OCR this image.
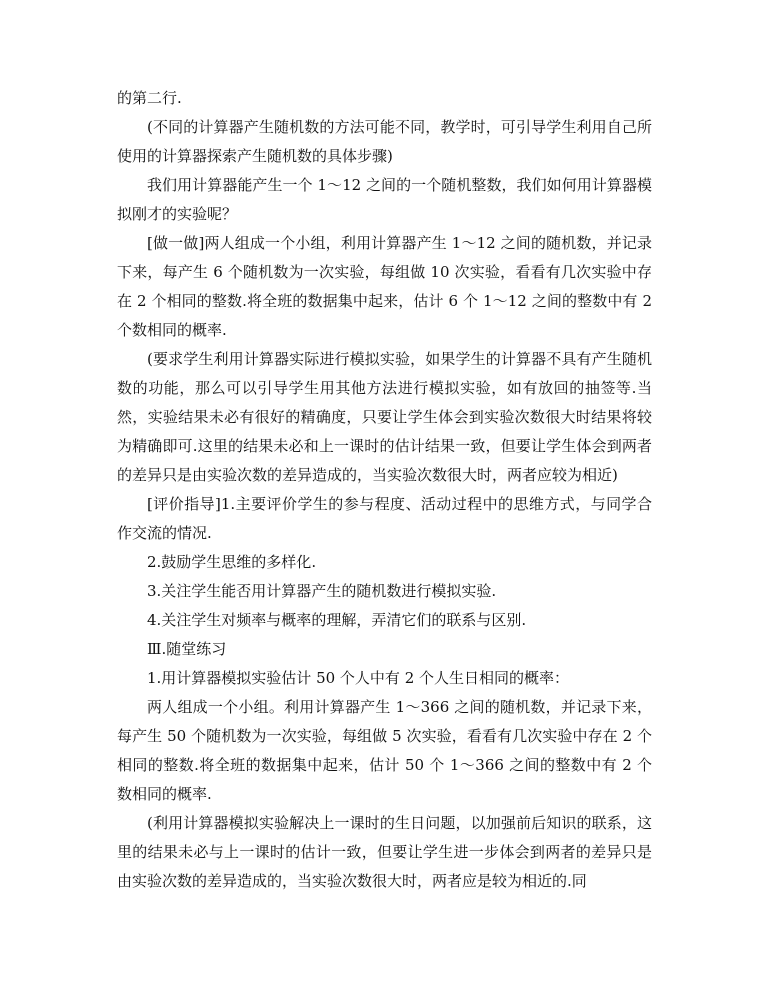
的第二行.

(不同的计算器产生随机数的方法可能不同，教学时，可引导学生利用自己所使用的计算器探索产生随机数的具体步骤)

我们用计算器能产生一个 1～12 之间的一个随机整数，我们如何用计算器模拟刚才的实验呢？

[做一做]两人组成一个小组，利用计算器产生 1～12 之间的随机数，并记录下来，每产生 6 个随机数为一次实验，每组做 10 次实验，看看有几次实验中存在 2 个相同的整数.将全班的数据集中起来，估计 6 个 1～12 之间的整数中有 2 个数相同的概率.

(要求学生利用计算器实际进行模拟实验，如果学生的计算器不具有产生随机数的功能，那么可以引导学生用其他方法进行模拟实验，如有放回的抽签等.当然，实验结果未必有很好的精确度，只要让学生体会到实验次数很大时结果将较为精确即可.这里的结果未必和上一课时的估计结果一致，但要让学生体会到两者的差异只是由实验次数的差异造成的，当实验次数很大时，两者应较为相近)

[评价指导]1.主要评价学生的参与程度、活动过程中的思维方式，与同学合作交流的情况.

2.鼓励学生思维的多样化.

3.关注学生能否用计算器产生的随机数进行模拟实验.

4.关注学生对频率与概率的理解，弄清它们的联系与区别.

Ⅲ.随堂练习

1.用计算器模拟实验估计 50 个人中有 2 个人生日相同的概率：

两人组成一个小组。利用计算器产生 1～366 之间的随机数，并记录下来，每产生 50 个随机数为一次实验，每组做 5 次实验，看看有几次实验中存在 2 个相同的整数.将全班的数据集中起来，估计 50 个 1～366 之间的整数中有 2 个数相同的概率.

(利用计算器模拟实验解决上一课时的生日问题，以加强前后知识的联系，这里的结果未必与上一课时的估计一致，但要让学生进一步体会到两者的差异只是由实验次数的差异造成的，当实验次数很大时，两者应是较为相近的.同
